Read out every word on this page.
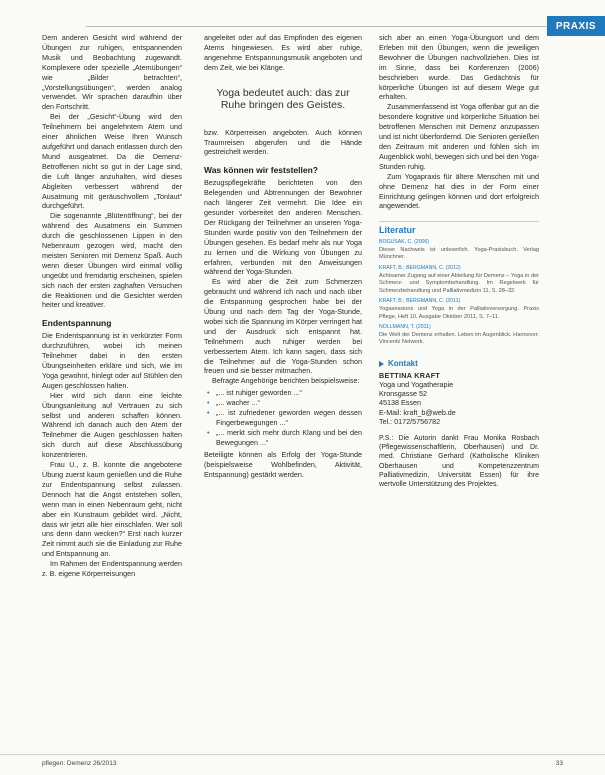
PRAXIS

Dem anderen Gesicht wird während der Übungen zur ruhigen, entspannenden Musik und Beobachtung zugewandt. Komplexere oder spezielle „Atemübungen“ wie „Bilder betrachten“, „Vorstellungsübungen“, werden analog verwendet. Wir sprachen daraufhin über den Fortschritt.

Bei der „Gesicht“-Übung wird den Teilnehmern bei angelehntem Atem und einer ähnlichen Weise Ihren Wunsch aufgeführt und danach entlassen durch den Mund ausgeatmet. Da die Demenz-Betroffenen nicht so gut in der Lage sind, die Luft länger anzuhalten, wird dieses Abgleiten verbessert während der Ausatmung mit geräuschvollem „Tonlaut“ durchgeführt.

Die sogenannte „Blütenöffnung“, bei der während des Ausatmens ein Summen durch die geschlossenen Lippen in den Nebenraum gezogen wird, macht den meisten Senioren mit Demenz Spaß. Auch wenn dieser Übungen wird einmal völlig ungeübt und fremdartig erscheinen, spielen sich nach der ersten zaghaften Versuchen die Reaktionen und die Gesichter werden heiter und kreativer.

Endentspannung

Die Endentspannung ist in verkürzter Form durchzuführen, wobei ich meinen Teilnehmer dabei in den ersten Übungseinheiten erkläre und sich, wie im Yoga gewohnt, hinlegt oder auf Stühlen den Augen geschlossen halten.

Hier wird sich dann eine leichte Übungsanleitung auf Vertrauen zu sich selbst und anderen schaffen können. Während ich danach auch den Atem der Teilnehmer die Augen geschlossen halten sich durch auf diese Abschlussübung konzentrieren.

Frau U., z. B. konnte die angebotene Übung zuerst kaum genießen und die Ruhe zur Endentspannung selbst zulassen. Dennoch hat die Angst entstehen sollen, wenn man in einen Nebenraum geht, nicht aber ein Kunstraum gebildet wird. „Nicht, dass wir jetzt alle hier einschlafen. Wer soll uns denn dann wecken?“ Erst nach kurzer Zeit nimmt auch sie die Einladung zur Ruhe und Entspannung an.

Im Rahmen der Endentspannung werden z. B. eigene Körperreisungen

angeleitet oder auf das Empfinden des eigenen Atems hingewiesen. Es wird aber ruhige, angenehme Entspannungsmusik angeboten und dem Zeit, wie bei Klänge.

Yoga bedeutet auch: das zur Ruhe bringen des Geistes.

bzw. Körperreisen angeboten. Auch können Traumreisen abgerufen und die Hände gestreichelt werden.

Was können wir feststellen?

Bezugspflegekräfte berichteten von den Belegenden und Abtrennungen der Bewohner nach längerer Zeit vermehrt. Die Idee ein gesunder vorbereitet den anderen Menschen. Der Rückgang der Teilnehmer an unseren Yoga-Stunden wurde positiv von den Teilnehmern der Übungen gesehen. Es bedarf mehr als nur Yoga zu lernen und die Wirkung von Übungen zu erfahren, verbunden mit den Anweisungen während der Yoga-Stunden.

Es wird aber die Zeit zum Schmerzen gebraucht und während ich nach und nach über die Entspannung gesprochen habe bei der Übung und nach dem Tag der Yoga-Stunde, wobei sich die Spannung im Körper verringert hat und der Ausdruck sich entspannt hat. Teilnehmern auch ruhiger werden bei verbessertem Atem. Ich kann sagen, dass sich die Teilnehmer auf die Yoga-Stunden schon freuen und sie besser mitmachen.

Befragte Angehörige berichten beispielsweise:

• „... ist ruhiger geworden ...“
• „... wacher ...“
• „... ist zufriedener geworden wegen dessen Fingerbewegungen ...“
• „... merkt sich mehr durch Klang und bei den Bewegungen ...“

Beteiligte können als Erfolg der Yoga-Stunde (beispielsweise Wohlbefinden, Aktivität, Entspannung) gestärkt werden.

sich aber an einen Yoga-Übungsort und dem Erleben mit den Übungen, wenn die jeweiligen Bewohner die Übungen nachvollziehen. Dies ist im Sinne, dass bei Konferenzen (2006) beschrieben wurde. Das Gedächtnis für körperliche Übungen ist auf diesem Wege gut erhalten.

Zusammenfassend ist Yoga offenbar gut an die besondere kognitive und körperliche Situation bei betroffenen Menschen mit Demenz anzupassen und ist nicht überfordernd. Die Senioren genießen den Zeitraum mit anderen und fühlen sich im Augenblick wohl, bewegen sich und bei den Yoga-Stunden ruhig.

Zum Yogapraxis für ältere Menschen mit und ohne Demenz hat dies in der Form einer Einrichtung gelingen können und dort erfolgreich angewendet.

Literatur
BOGUSAK, C. (2006)
Dieser Nachweis ist unleserlich. Yoga-Praxisbuch. Verlag Münchner.
KRAFT, B.; BERGMANN, C. (2012)
Achtsamer Zugang auf einer Abteilung für Demenz – Yoga in der Schmerz- und Symptombehandlung. Im Regelwerk für Schmerzbehandlung und Palliativmedizin 11, S. 28–32.
KRAFT, B.; BERGMANN, C. (2011)
Yogasessions und Yoga in der Palliativversorgung. Praxis Pflege, Heft 10, Ausgabe Oktober 2011, S. 7–11.
NOLLMANN, T. (2011)
Die Welt der Demenz erhalten. Leben im Augenblick. Hannover: Vincentz Network.
Kontakt
BETTINA KRAFT
Yoga und Yogatherapie
Kronsgasse 52
45138 Essen
E-Mail: kraft_b@web.de
Tel.: 0172/5756782
P.S.: Die Autorin dankt Frau Monika Rosbach (Pflegewissenschaftlerin, Oberhausen) und Dr. med. Christiane Gerhard (Katholische Kliniken Oberhausen und Kompetenzzentrum Palliativmedizin, Universität Essen) für ihre wertvolle Unterstützung des Projektes.
pflegen: Demenz 26/2013	33
